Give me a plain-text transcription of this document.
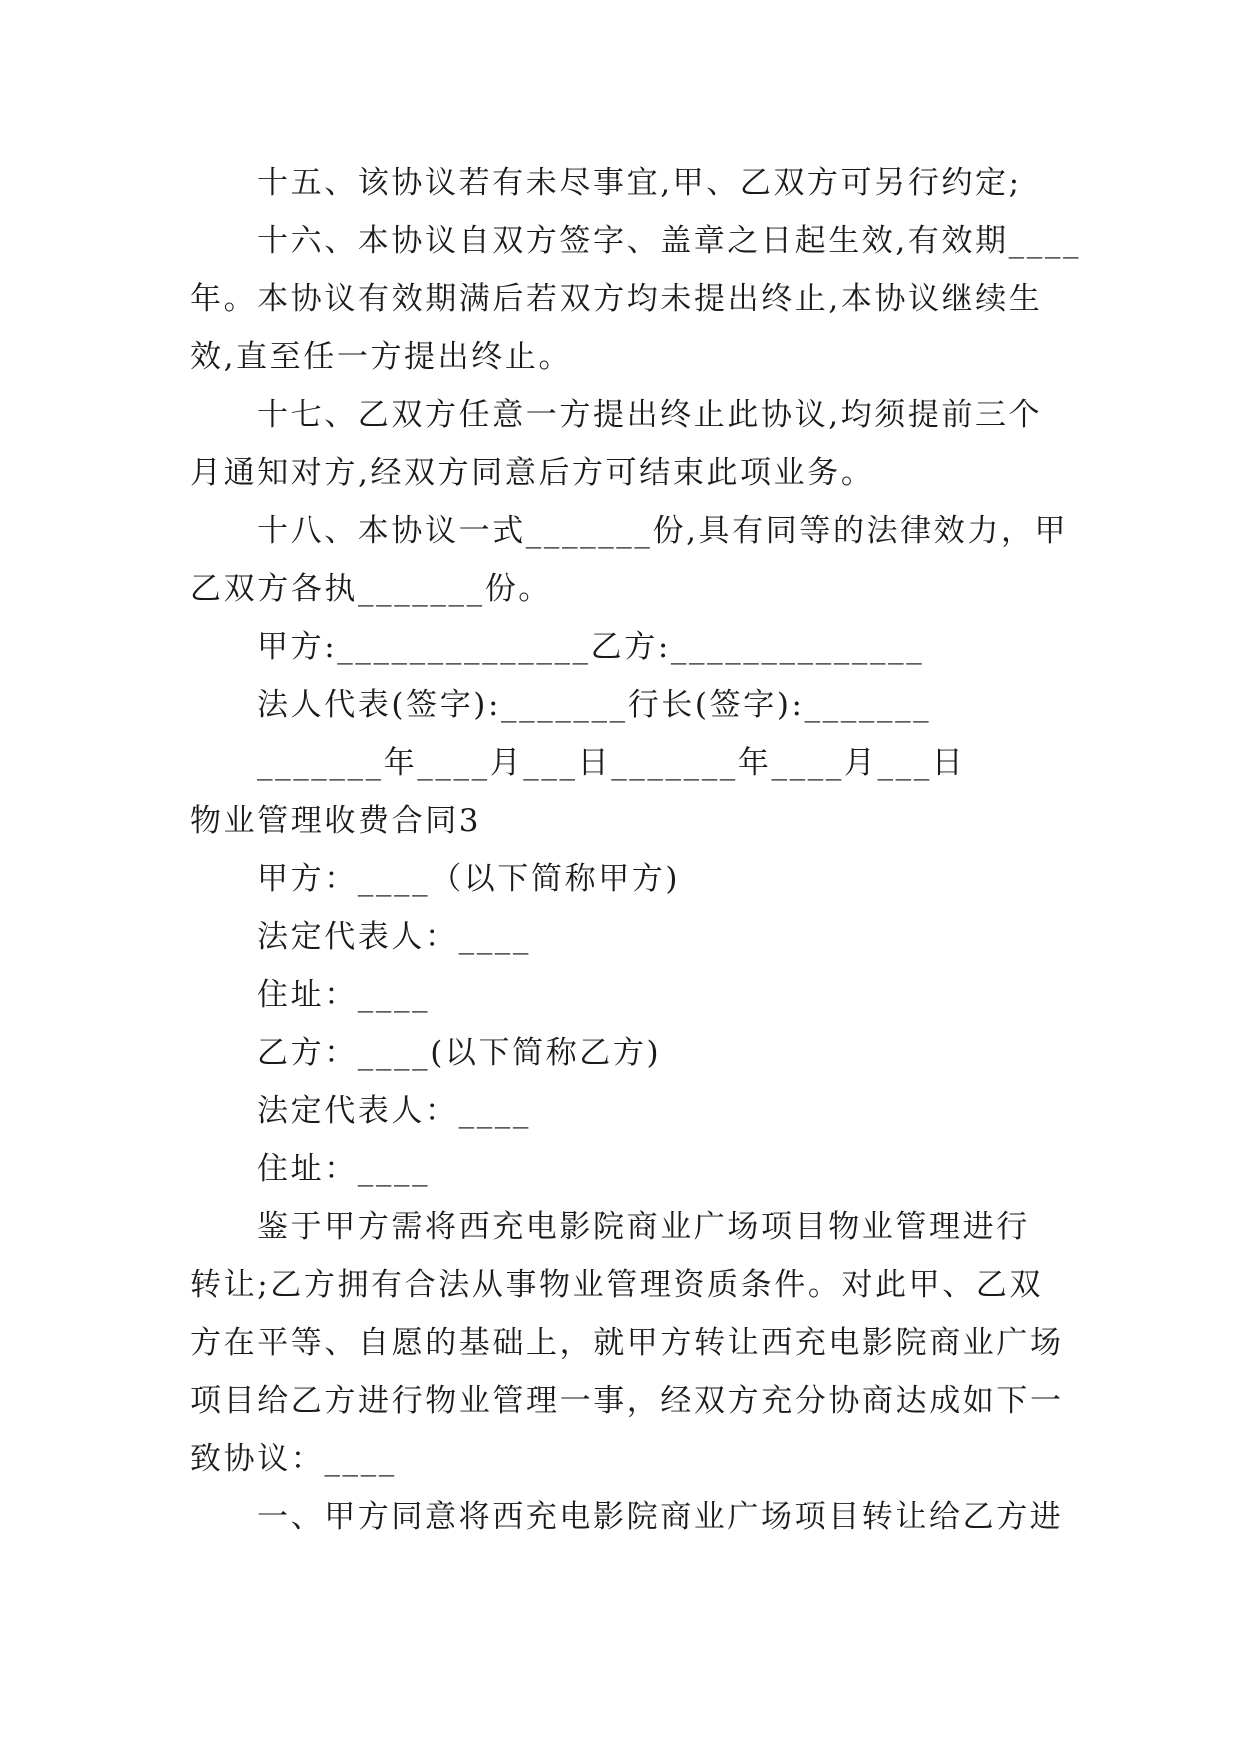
十五、该协议若有未尽事宜,甲、乙双方可另行约定;
十六、本协议自双方签字、盖章之日起生效,有效期____
年。本协议有效期满后若双方均未提出终止,本协议继续生
效,直至任一方提出终止。
十七、乙双方任意一方提出终止此协议,均须提前三个
月通知对方,经双方同意后方可结束此项业务。
十八、本协议一式_______份,具有同等的法律效力，甲
乙双方各执_______份。
甲方:______________乙方:______________
法人代表(签字):_______行长(签字):_______
_______年____月___日_______年____月___日
物业管理收费合同3
甲方：____（以下简称甲方)
法定代表人：____
住址：____
乙方：____(以下简称乙方)
法定代表人：____
住址：____
鉴于甲方需将西充电影院商业广场项目物业管理进行
转让;乙方拥有合法从事物业管理资质条件。对此甲、乙双
方在平等、自愿的基础上，就甲方转让西充电影院商业广场
项目给乙方进行物业管理一事，经双方充分协商达成如下一
致协议：____
一、甲方同意将西充电影院商业广场项目转让给乙方进
